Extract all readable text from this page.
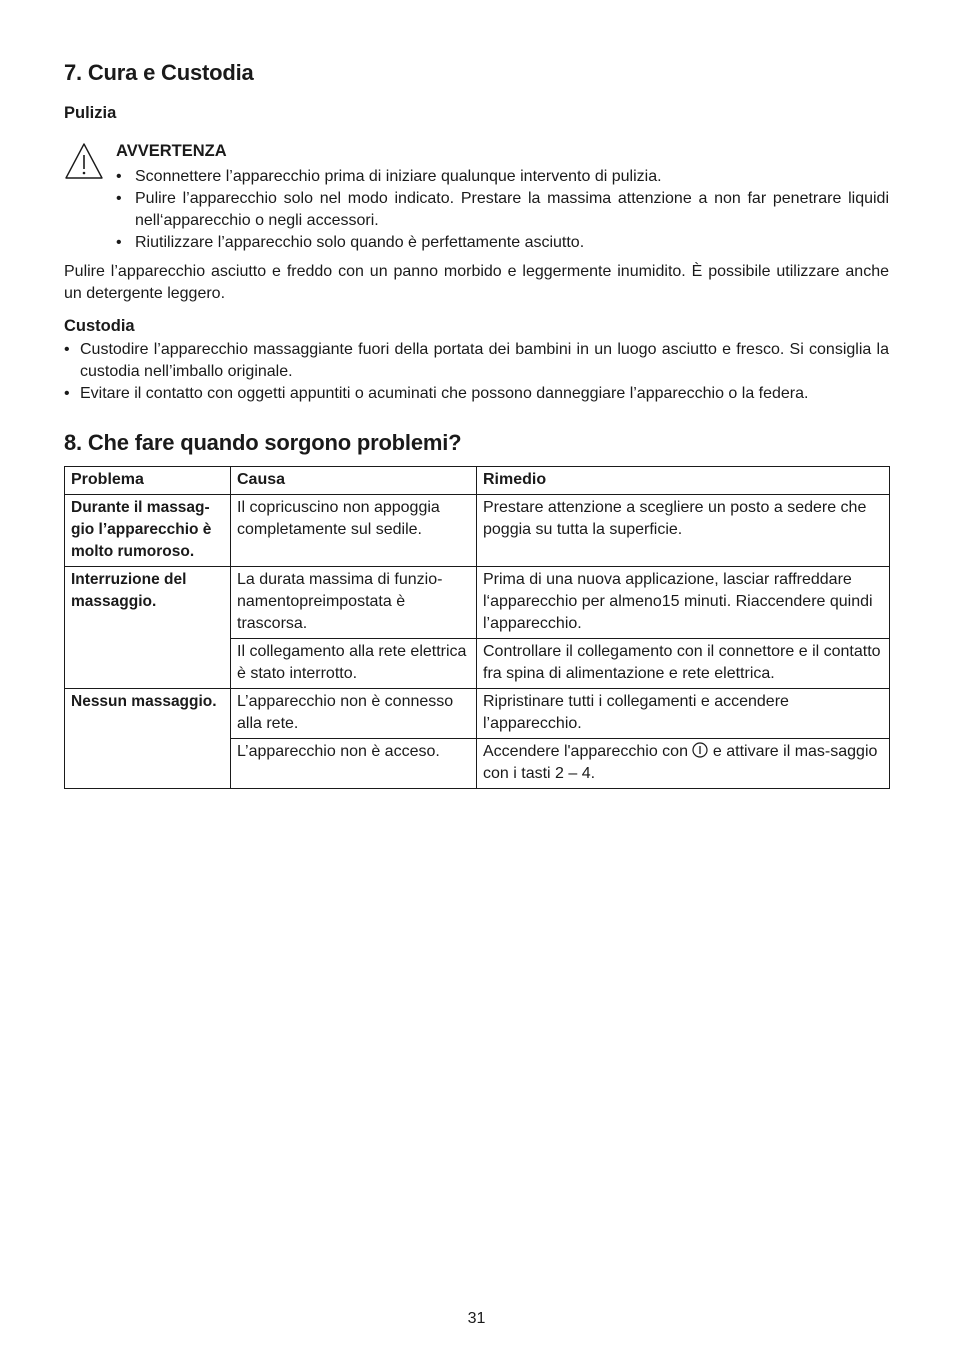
7. Cura e Custodia
Pulizia

AVVERTENZA

• Sconnettere l’apparecchio prima di iniziare qualunque intervento di pulizia.
• Pulire l’apparecchio solo nel modo indicato. Prestare la massima attenzione a non far penetrare liquidi nell‘apparecchio o negli accessori.
• Riutilizzare l’apparecchio solo quando è perfettamente asciutto.

Pulire l’apparecchio asciutto e freddo con un panno morbido e leggermente inumidito. È possibile utilizzare anche un detergente leggero.

Custodia
• Custodire l’apparecchio massaggiante fuori della portata dei bambini in un luogo asciutto e fresco. Si consiglia la custodia nell’imballo originale.
• Evitare il contatto con oggetti appuntiti o acuminati che possono danneggiare l’apparecchio o la federa.
8. Che fare quando sorgono problemi?
Problema	Causa	Rimedio
Durante il massag-gio l’apparecchio è molto rumoroso.	Il copricuscino non appoggia completamente sul sedile.	Prestare attenzione a scegliere un posto a sedere che poggia su tutta la superficie.
Interruzione del massaggio.	La durata massima di funzio-namentopreimpostata è trascorsa.	Prima di una nuova applicazione, lasciar raffreddare l‘apparecchio per almeno15 minuti. Riaccendere quindi l’apparecchio.
	Il collegamento alla rete elettrica è stato interrotto.	Controllare il collegamento con il connettore e il contatto fra spina di alimentazione e rete elettrica.
Nessun massaggio.	L’apparecchio non è connesso alla rete.	Ripristinare tutti i collegamenti e accendere l’apparecchio.
	L’apparecchio non è acceso.	Accendere l'apparecchio con e attivare il mas-saggio con i tasti 2 – 4.

31
